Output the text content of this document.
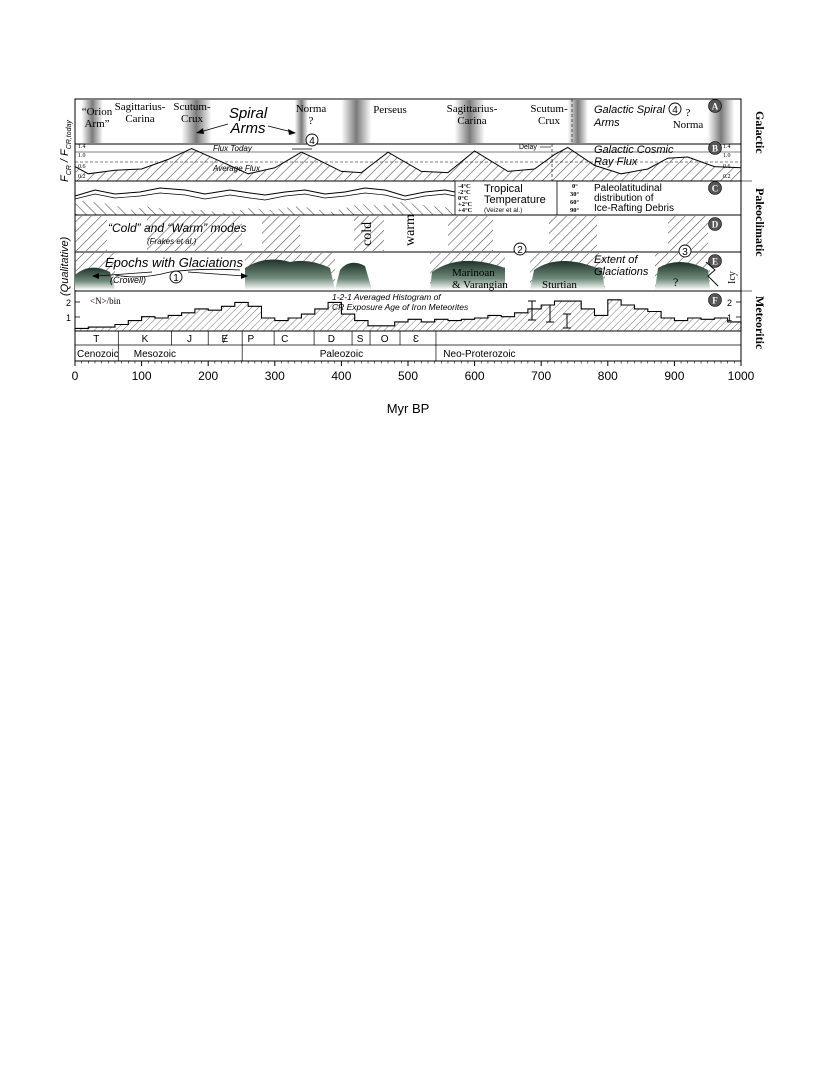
“Orion Arm”
Sagittarius-Carina
Scutum-Crux
Norma ?
Perseus	Sagittarius-Carina
Scutum-Crux
? Norma
Spiral Arms
Galactic Spiral Arms
4
Flux Today
Average Flux
4
Delay	Galactic Cosmic Ray Flux
1.4
1.0
0.6
0.2
1.4
1.0
0.6
0.2
$F_{CR} / F_{CR,today}$
-4°C
-2°C
0°C
+2°C
+4°C
Tropical Temperature
(Veizer et al.)
0°
30°
60°
90°
Paleolatitudinal distribution of Ice-Rafting Debris
“Cold” and “Warm” modes
(Frakes et al.)	cold warm
Epochs with Glaciations
(Crowell)	1
2	3
Marinoan & Varangian	Sturtian
Extent of Glaciations
?	Icy
(Qualitative)
<N>/bin
2
1
2
1
1-2-1 Averaged Histogram of CR Exposure Age of Iron Meteorites
T	K	J	Ɇ P	C	D S O Ɛ
Cenozoic Mesozoic	Paleozoic	Neo-Proterozoic
Galactic
Paleoclimatic
Meteoritic
A
B
C
D
E
F
0	100	200	300	400	500	600	700	800	900	1000
Myr BP
